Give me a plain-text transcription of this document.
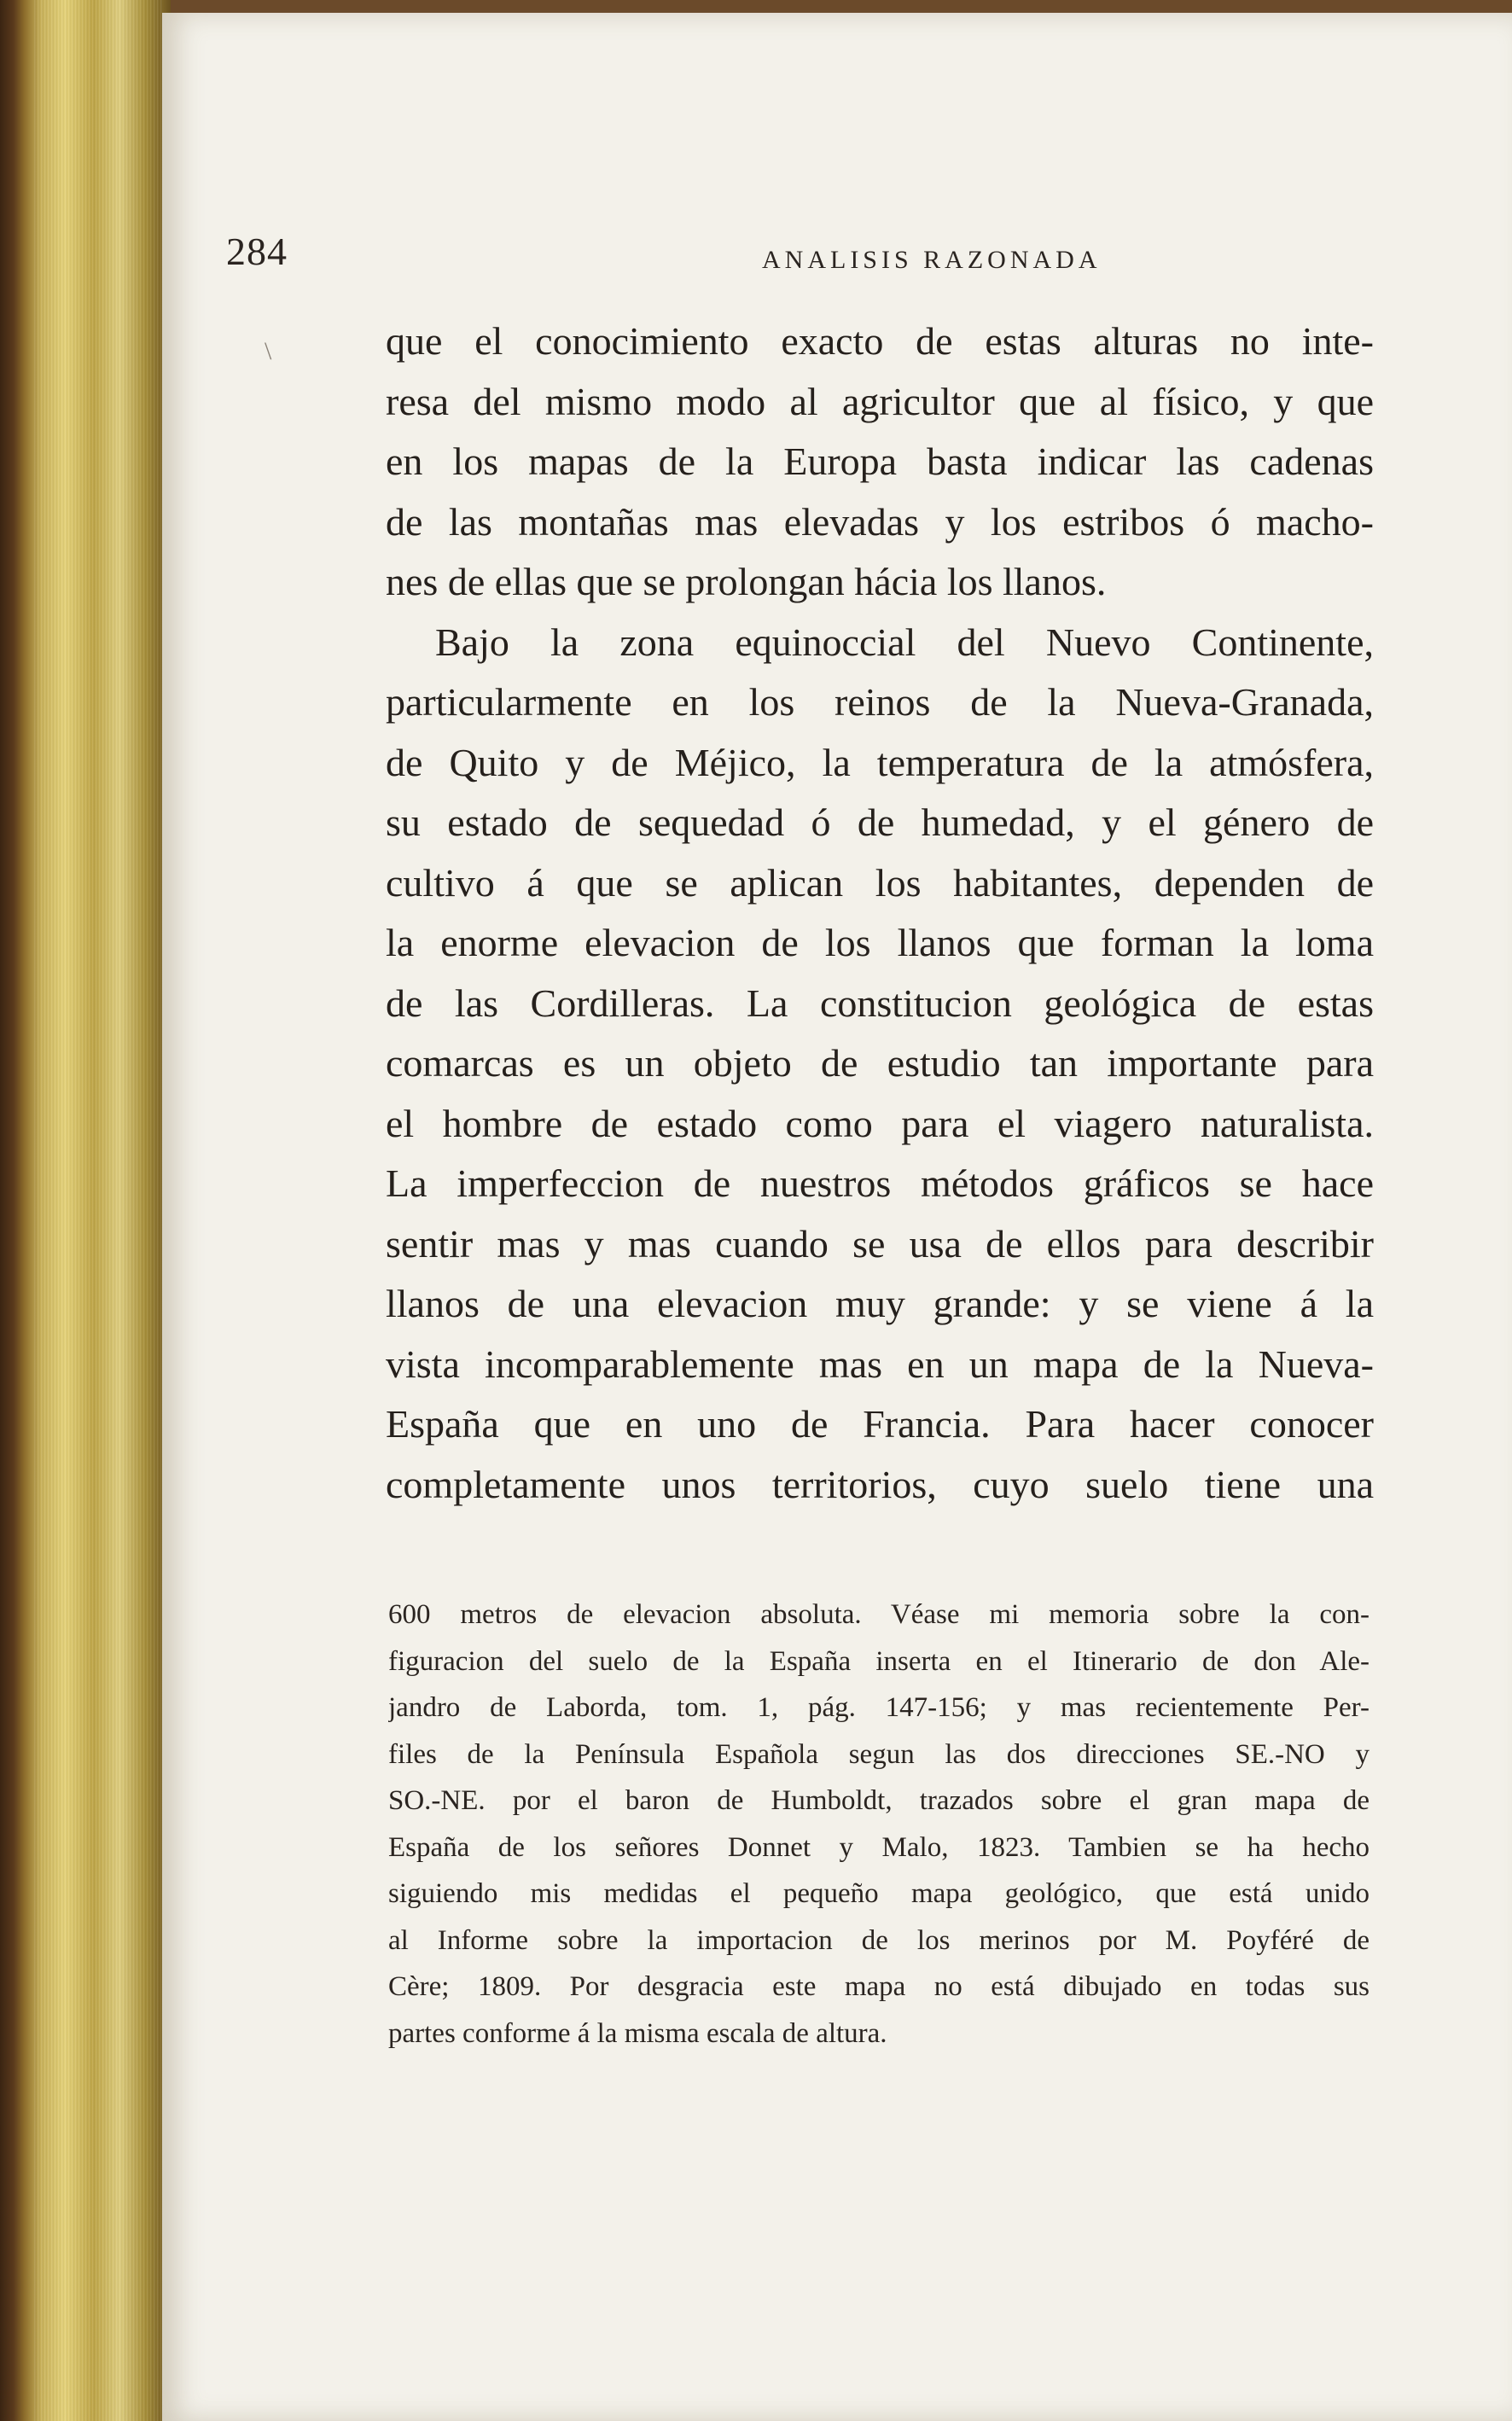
284	ANALISIS RAZONADA
\	que el conocimiento exacto de estas alturas no inte-
resa del mismo modo al agricultor que al físico, y que
en los mapas de la Europa basta indicar las cadenas
de las montañas mas elevadas y los estribos ó macho-
nes de ellas que se prolongan hácia los llanos.
Bajo la zona equinoccial del Nuevo Continente,
particularmente en los reinos de la Nueva-Granada,
de Quito y de Méjico, la temperatura de la atmósfera,
su estado de sequedad ó de humedad, y el género de
cultivo á que se aplican los habitantes, dependen de
la enorme elevacion de los llanos que forman la loma
de las Cordilleras. La constitucion geológica de estas
comarcas es un objeto de estudio tan importante para
el hombre de estado como para el viagero naturalista.
La imperfeccion de nuestros métodos gráficos se hace
sentir mas y mas cuando se usa de ellos para describir
llanos de una elevacion muy grande: y se viene á la
vista incomparablemente mas en un mapa de la Nueva-
España que en uno de Francia. Para hacer conocer
completamente unos territorios, cuyo suelo tiene una
600 metros de elevacion absoluta. Véase mi memoria sobre la con-
figuracion del suelo de la España inserta en el Itinerario de don Ale-
jandro de Laborda, tom. 1, pág. 147-156; y mas recientemente Per-
files de la Península Española segun las dos direcciones SE.-NO y
SO.-NE. por el baron de Humboldt, trazados sobre el gran mapa de
España de los señores Donnet y Malo, 1823. Tambien se ha hecho
siguiendo mis medidas el pequeño mapa geológico, que está unido
al Informe sobre la importacion de los merinos por M. Poyféré de
Cère; 1809. Por desgracia este mapa no está dibujado en todas sus
partes conforme á la misma escala de altura.
